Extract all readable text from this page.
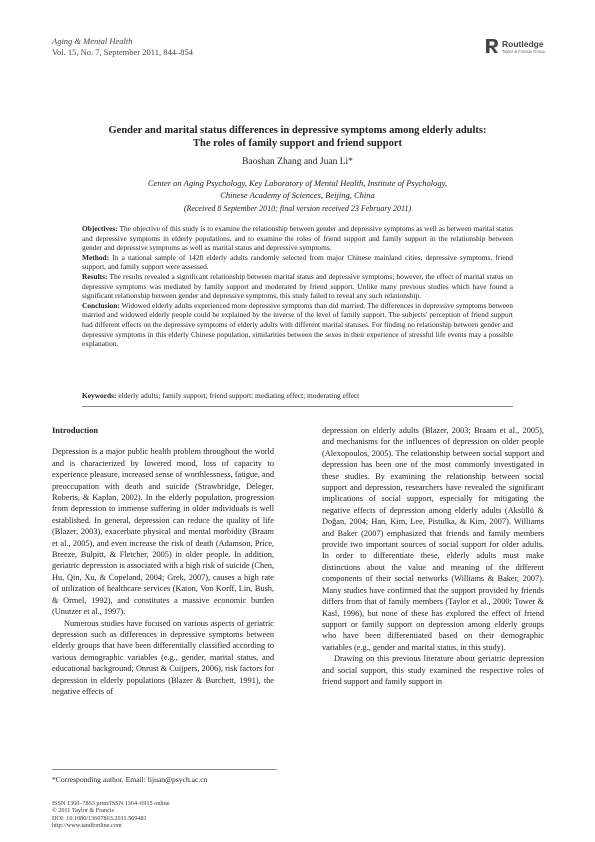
Aging & Mental Health
Vol. 15, No. 7, September 2011, 844–854
Routledge
Taylor & Francis Group
Gender and marital status differences in depressive symptoms among elderly adults:
The roles of family support and friend support
Baoshan Zhang and Juan Li*
Center on Aging Psychology, Key Laboratory of Mental Health, Institute of Psychology,
Chinese Academy of Sciences, Beijing, China
(Received 8 September 2010; final version received 23 February 2011)

Objectives: The objective of this study is to examine the relationship between gender and depressive symptoms as well as between marital status and depressive symptoms in elderly populations, and to examine the roles of friend support and family support in the relationship between gender and depressive symptoms as well as marital status and depressive symptoms.

Method: In a national sample of 1428 elderly adults randomly selected from major Chinese mainland cities, depressive symptoms, friend support, and family support were assessed.

Results: The results revealed a significant relationship between marital status and depressive symptoms; however, the effect of marital status on depressive symptoms was mediated by family support and moderated by friend support. Unlike many previous studies which have found a significant relationship between gender and depressive symptoms, this study failed to reveal any such relationship.

Conclusion: Widowed elderly adults experienced more depressive symptoms than did married. The differences in depressive symptoms between married and widowed elderly people could be explained by the inverse of the level of family support. The subjects' perception of friend support had different effects on the depressive symptoms of elderly adults with different marital statuses. For finding no relationship between gender and depressive symptoms in this elderly Chinese population, similarities between the sexes in their experience of stressful life events may a possible explanation.

Keywords: elderly adults; family support; friend support; mediating effect; moderating effect
Introduction

Depression is a major public health problem throughout the world and is characterized by lowered mood, loss of capacity to experience pleasure, increased sense of worthlessness, fatigue, and preoccupation with death and suicide (Strawbridge, Deleger, Roberts, & Kaplan, 2002). In the elderly population, progression from depression to immense suffering in older individuals is well established. In general, depression can reduce the quality of life (Blazer, 2003), exacerbate physical and mental morbidity (Braam et al., 2005), and even increase the risk of death (Adamson, Price, Breeze, Bulpitt, & Fletcher, 2005) in older people. In addition, geriatric depression is associated with a high risk of suicide (Chen, Hu, Qin, Xu, & Copeland, 2004; Grek, 2007), causes a high rate of utilization of healthcare services (Katon, Von Korff, Lin, Bush, & Ormel, 1992), and constitutes a massive economic burden (Unutzer et al., 1997).

Numerous studies have focused on various aspects of geriatric depression such as differences in depressive symptoms between elderly groups that have been differentially classified according to various demographic variables (e.g., gender, marital status, and educational background; Onrust & Cuijpers, 2006), risk factors for depression in elderly populations (Blazer & Burchett, 1991), the negative effects of

depression on elderly adults (Blazer, 2003; Braam et al., 2005), and mechanisms for the influences of depression on older people (Alexopoulos, 2005). The relationship between social support and depression has been one of the most commonly investigated in these studies. By examining the relationship between social support and depression, researchers have revealed the significant implications of social support, especially for mitigating the negative effects of depression among elderly adults (Aksüllü & Doğan, 2004; Han, Kim, Lee, Pistulka, & Kim, 2007). Williams and Baker (2007) emphasized that friends and family members provide two important sources of social support for older adults. In order to differentiate these, elderly adults must make distinctions about the value and meaning of the different components of their social networks (Williams & Baker, 2007). Many studies have confirmed that the support provided by friends differs from that of family members (Taylor et al., 2000; Tower & Kasl, 1996), but none of these has explored the effect of friend support or family support on depression among elderly groups who have been differentiated based on their demographic variables (e.g., gender and marital status, in this study).

Drawing on this previous literature about geriatric depression and social support, this study examined the respective roles of friend support and family support in

*Corresponding author. Email: lijuan@psych.ac.cn
ISSN 1360–7863 print/ISSN 1364–6915 online
© 2011 Taylor & Francis
DOI: 10.1080/13607863.2011.569481
http://www.tandfonline.com
